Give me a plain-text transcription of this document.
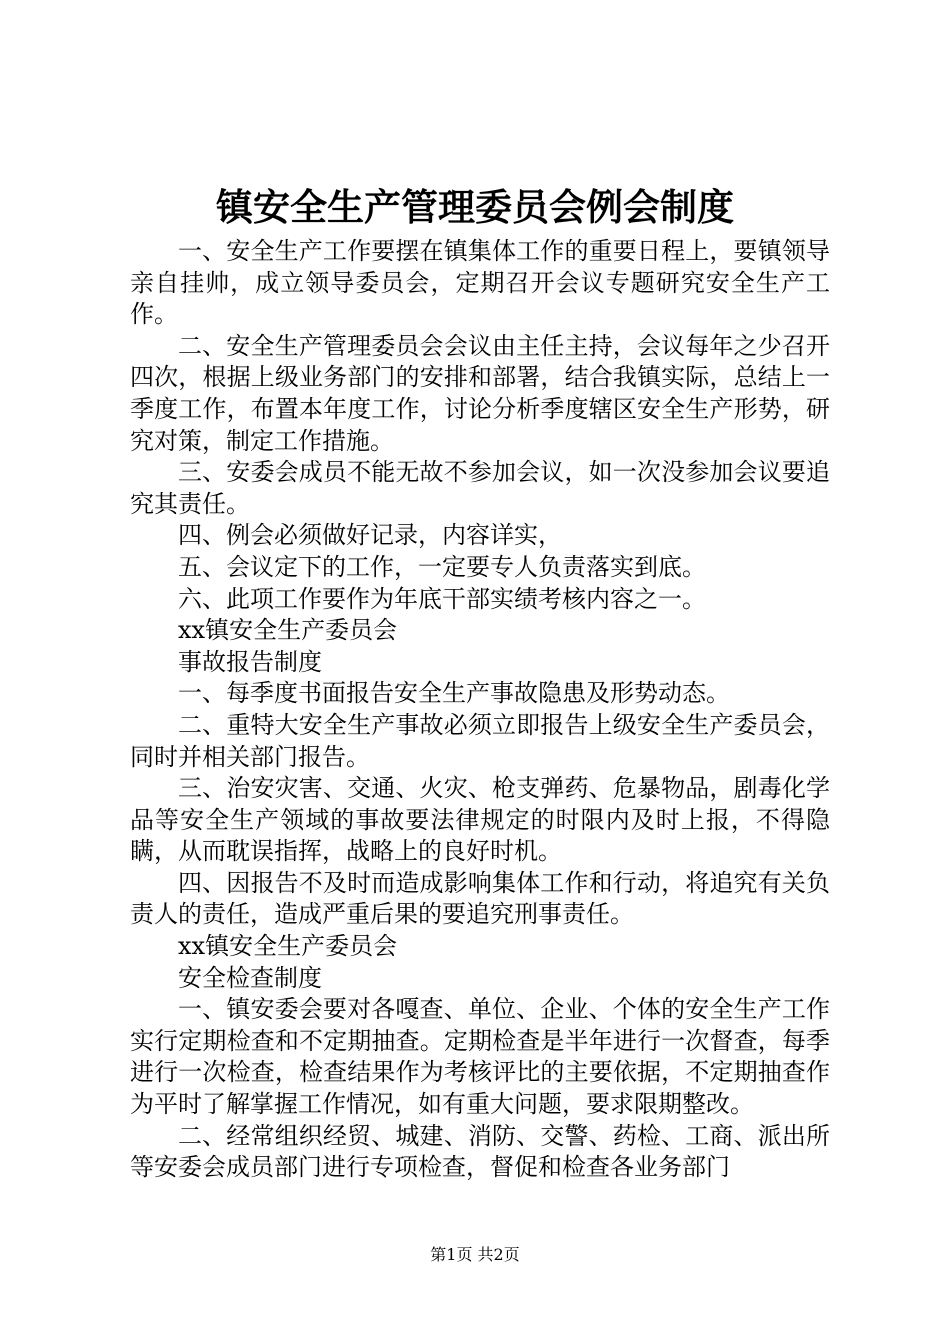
镇安全生产管理委员会例会制度

一、安全生产工作要摆在镇集体工作的重要日程上，要镇领导亲自挂帅，成立领导委员会，定期召开会议专题研究安全生产工作。

二、安全生产管理委员会会议由主任主持，会议每年之少召开四次，根据上级业务部门的安排和部署，结合我镇实际，总结上一季度工作，布置本年度工作，讨论分析季度辖区安全生产形势，研究对策，制定工作措施。

三、安委会成员不能无故不参加会议，如一次没参加会议要追究其责任。

四、例会必须做好记录，内容详实，

五、会议定下的工作，一定要专人负责落实到底。

六、此项工作要作为年底干部实绩考核内容之一。

xx镇安全生产委员会

事故报告制度

一、每季度书面报告安全生产事故隐患及形势动态。

二、重特大安全生产事故必须立即报告上级安全生产委员会，同时并相关部门报告。

三、治安灾害、交通、火灾、枪支弹药、危暴物品，剧毒化学品等安全生产领域的事故要法律规定的时限内及时上报，不得隐瞒，从而耽误指挥，战略上的良好时机。

四、因报告不及时而造成影响集体工作和行动，将追究有关负责人的责任，造成严重后果的要追究刑事责任。

xx镇安全生产委员会

安全检查制度

一、镇安委会要对各嘎查、单位、企业、个体的安全生产工作实行定期检查和不定期抽查。定期检查是半年进行一次督查，每季进行一次检查，检查结果作为考核评比的主要依据，不定期抽查作为平时了解掌握工作情况，如有重大问题，要求限期整改。

二、经常组织经贸、城建、消防、交警、药检、工商、派出所等安委会成员部门进行专项检查，督促和检查各业务部门

第1页 共2页
